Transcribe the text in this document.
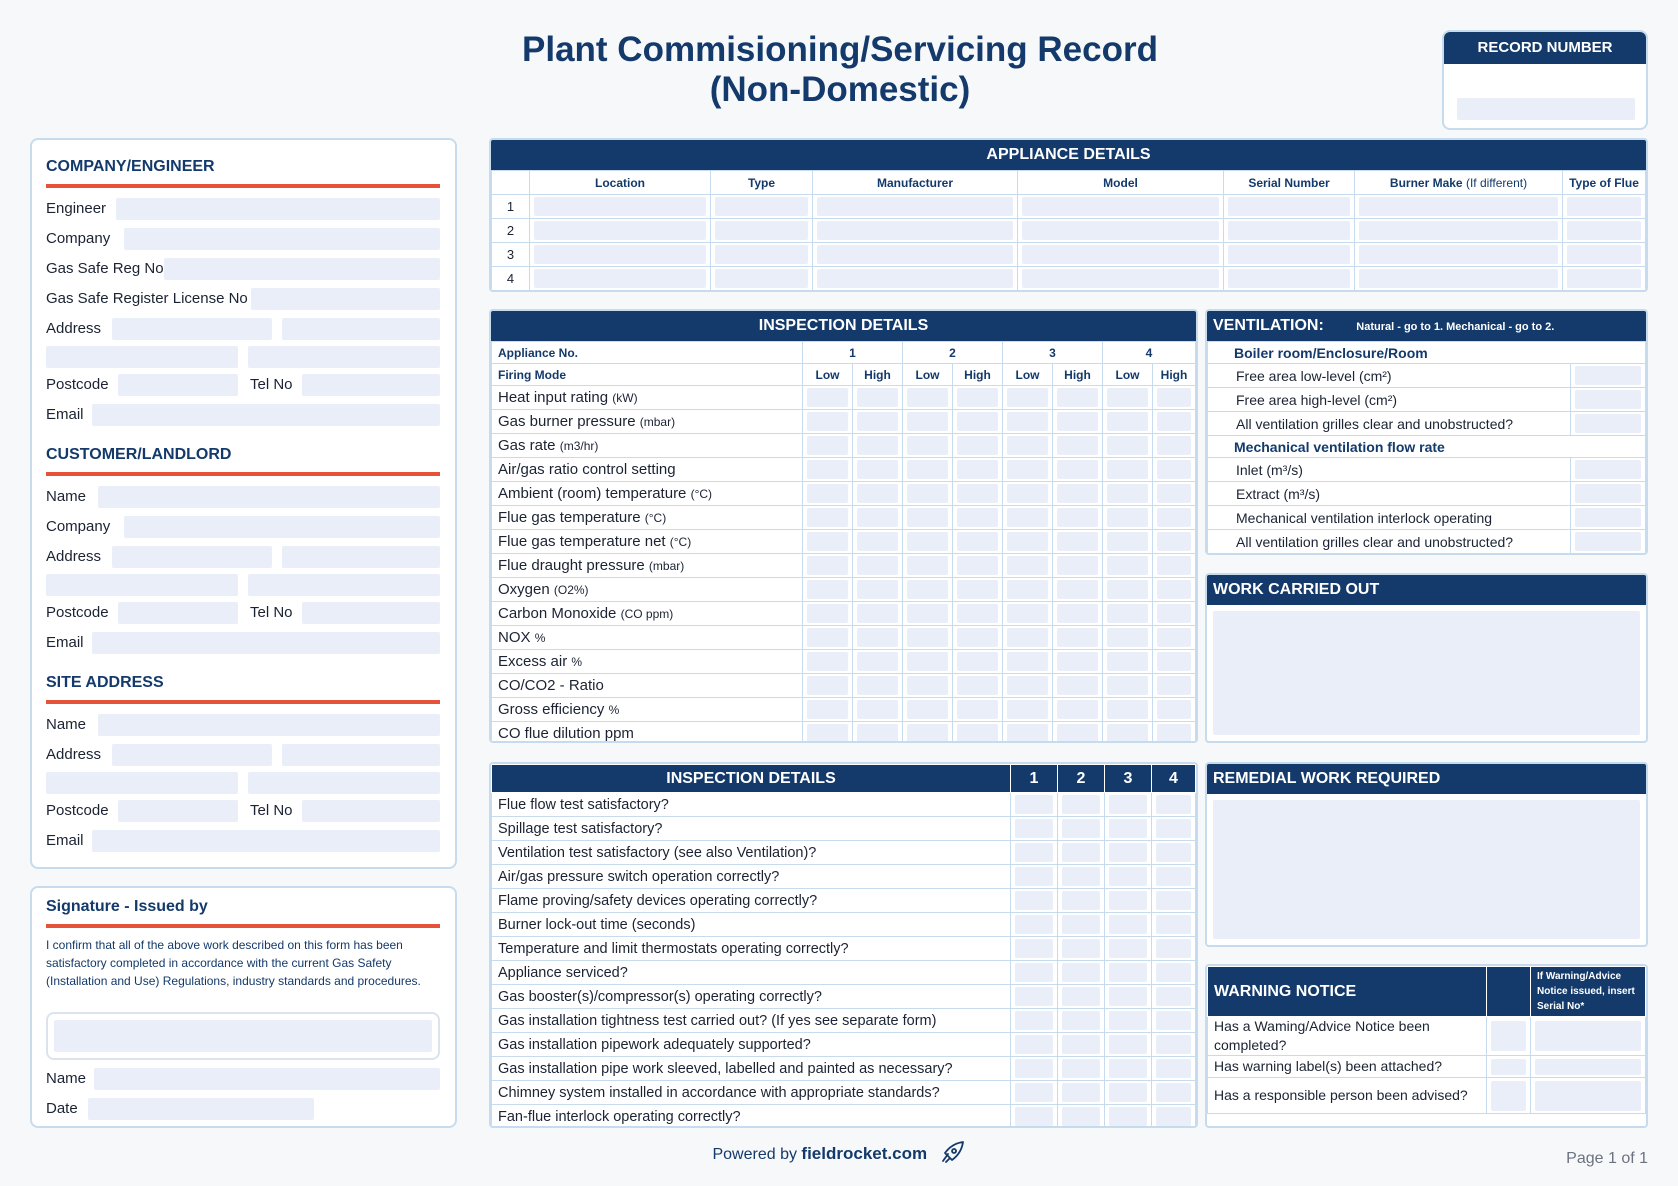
Plant Commisioning/Servicing Record
(Non-Domestic)
RECORD NUMBER
COMPANY/ENGINEER
Engineer
Company
Gas Safe Reg No
Gas Safe Register License No
Address
Postcode	Tel No
Email
CUSTOMER/LANDLORD
Name
Company
Address
Postcode	Tel No
Email
SITE ADDRESS
Name
Address
Postcode	Tel No
Email
Signature - Issued by
I confirm that all of the above work described on this form has been satisfactory completed in accordance with the current Gas Safety (Installation and Use) Regulations, industry standards and procedures.
Name
Date
APPLIANCE DETAILS
	Location	Type	Manufacturer	Model	Serial Number	Burner Make (If different)	Type of Flue
1	

2	

3	

4	

INSPECTION DETAILS
Appliance No.	1		2		3		4	
Firing Mode	Low	High	Low	High	Low	High	Low	High
Heat input rating (kW)	

Gas burner pressure (mbar)	

Gas rate (m3/hr)	

Air/gas ratio control setting	

Ambient (room) temperature (°C)	

Flue gas temperature (°C)	

Flue gas temperature net (°C)	

Flue draught pressure (mbar)	

Oxygen (O2%)	

Carbon Monoxide (CO ppm)	

NOX %	

Excess air %	

CO/CO2 - Ratio	

Gross efficiency %	

CO flue dilution ppm	

VENTILATION:	Natural - go to 1. Mechanical - go to 2.
Boiler room/Enclosure/Room	
Free area low-level (cm²)	

Free area high-level (cm²)	

All ventilation grilles clear and unobstructed?	

Mechanical ventilation flow rate	
Inlet (m³/s)	

Extract (m³/s)	

Mechanical ventilation interlock operating	

All ventilation grilles clear and unobstructed?	
WORK CARRIED OUT
INSPECTION DETAILS	1	2	3	4
Flue flow test satisfactory?	

Spillage test satisfactory?	

Ventilation test satisfactory (see also Ventilation)?	

Air/gas pressure switch operation correctly?	

Flame proving/safety devices operating correctly?	

Burner lock-out time (seconds)	

Temperature and limit thermostats operating correctly?	

Appliance serviced?	

Gas booster(s)/compressor(s) operating correctly?	

Gas installation tightness test carried out? (If yes see separate form)	

Gas installation pipework adequately supported?	

Gas installation pipe work sleeved, labelled and painted as necessary?	

Chimney system installed in accordance with appropriate standards?	

Fan-flue interlock operating correctly?	

REMEDIAL WORK REQUIRED
WARNING NOTICE		If Warning/Advice Notice issued, insert Serial No*
Has a Waming/Advice Notice been completed?	

Has warning label(s) been attached?	

Has a responsible person been advised?	

Powered by fieldrocket.com	Page 1 of 1
